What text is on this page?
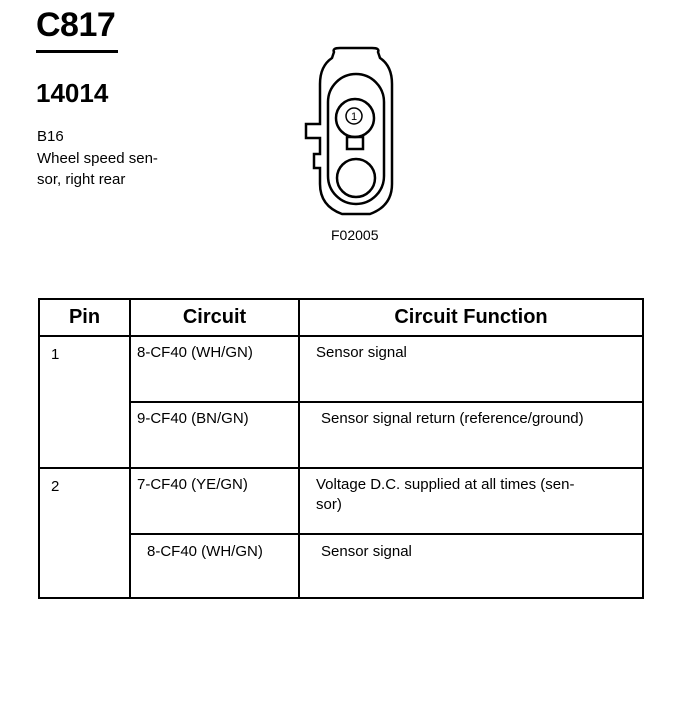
C817
14014
B16
Wheel speed sen-
sor, right rear
1
F02005
Pin	Circuit	Circuit Function
1	8-CF40 (WH/GN)	Sensor signal
9-CF40 (BN/GN)	Sensor signal return (reference/ground)
2	7-CF40 (YE/GN)	Voltage D.C. supplied at all times (sen-
sor)
8-CF40 (WH/GN)	Sensor signal
